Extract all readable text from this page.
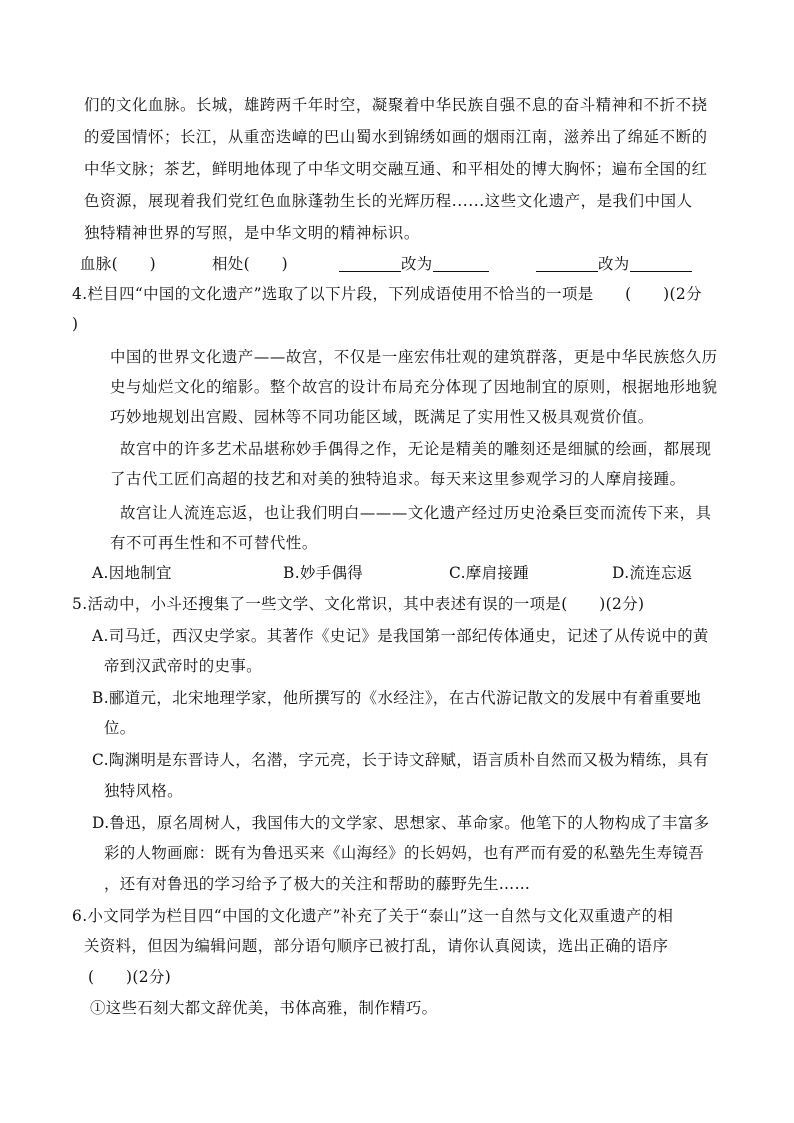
们的文化血脉。长城，雄跨两千年时空，凝聚着中华民族自强不息的奋斗精神和不折不挠
的爱国情怀；长江，从重峦迭嶂的巴山蜀水到锦绣如画的烟雨江南，滋养出了绵延不断的
中华文脉；茶艺，鲜明地体现了中华文明交融互通、和平相处的博大胸怀；遍布全国的红
色资源，展现着我们党红色血脉蓬勃生长的光辉历程......这些文化遗产，是我们中国人
独特精神世界的写照，是中华文明的精神标识。
血脉(　　)	相处(　　)	改为	改为
4.栏目四“中国的文化遗产”选取了以下片段，下列成语使用不恰当的一项是　　(　　)(2分
)
中国的世界文化遗产——故宫，不仅是一座宏伟壮观的建筑群落，更是中华民族悠久历
史与灿烂文化的缩影。整个故宫的设计布局充分体现了因地制宜的原则，根据地形地貌
巧妙地规划出宫殿、园林等不同功能区域，既满足了实用性又极具观赏价值。
故宫中的许多艺术品堪称妙手偶得之作，无论是精美的雕刻还是细腻的绘画，都展现
了古代工匠们高超的技艺和对美的独特追求。每天来这里参观学习的人摩肩接踵。
故宫让人流连忘返，也让我们明白———文化遗产经过历史沧桑巨变而流传下来，具
有不可再生性和不可替代性。
A.因地制宜	B.妙手偶得	C.摩肩接踵	D.流连忘返
5.活动中，小斗还搜集了一些文学、文化常识，其中表述有误的一项是(　　)(2分)
A.司马迁，西汉史学家。其著作《史记》是我国第一部纪传体通史，记述了从传说中的黄
帝到汉武帝时的史事。
B.郦道元，北宋地理学家，他所撰写的《水经注》，在古代游记散文的发展中有着重要地
位。
C.陶渊明是东晋诗人，名潜，字元亮，长于诗文辞赋，语言质朴自然而又极为精练，具有
独特风格。
D.鲁迅，原名周树人，我国伟大的文学家、思想家、革命家。他笔下的人物构成了丰富多
彩的人物画廊：既有为鲁迅买来《山海经》的长妈妈，也有严而有爱的私塾先生寿镜吾
，还有对鲁迅的学习给予了极大的关注和帮助的藤野先生……
6.小文同学为栏目四“中国的文化遗产”补充了关于“泰山”这一自然与文化双重遗产的相
关资料，但因为编辑问题，部分语句顺序已被打乱，请你认真阅读，选出正确的语序
(　　)(2分)
①这些石刻大都文辞优美，书体高雅，制作精巧。
